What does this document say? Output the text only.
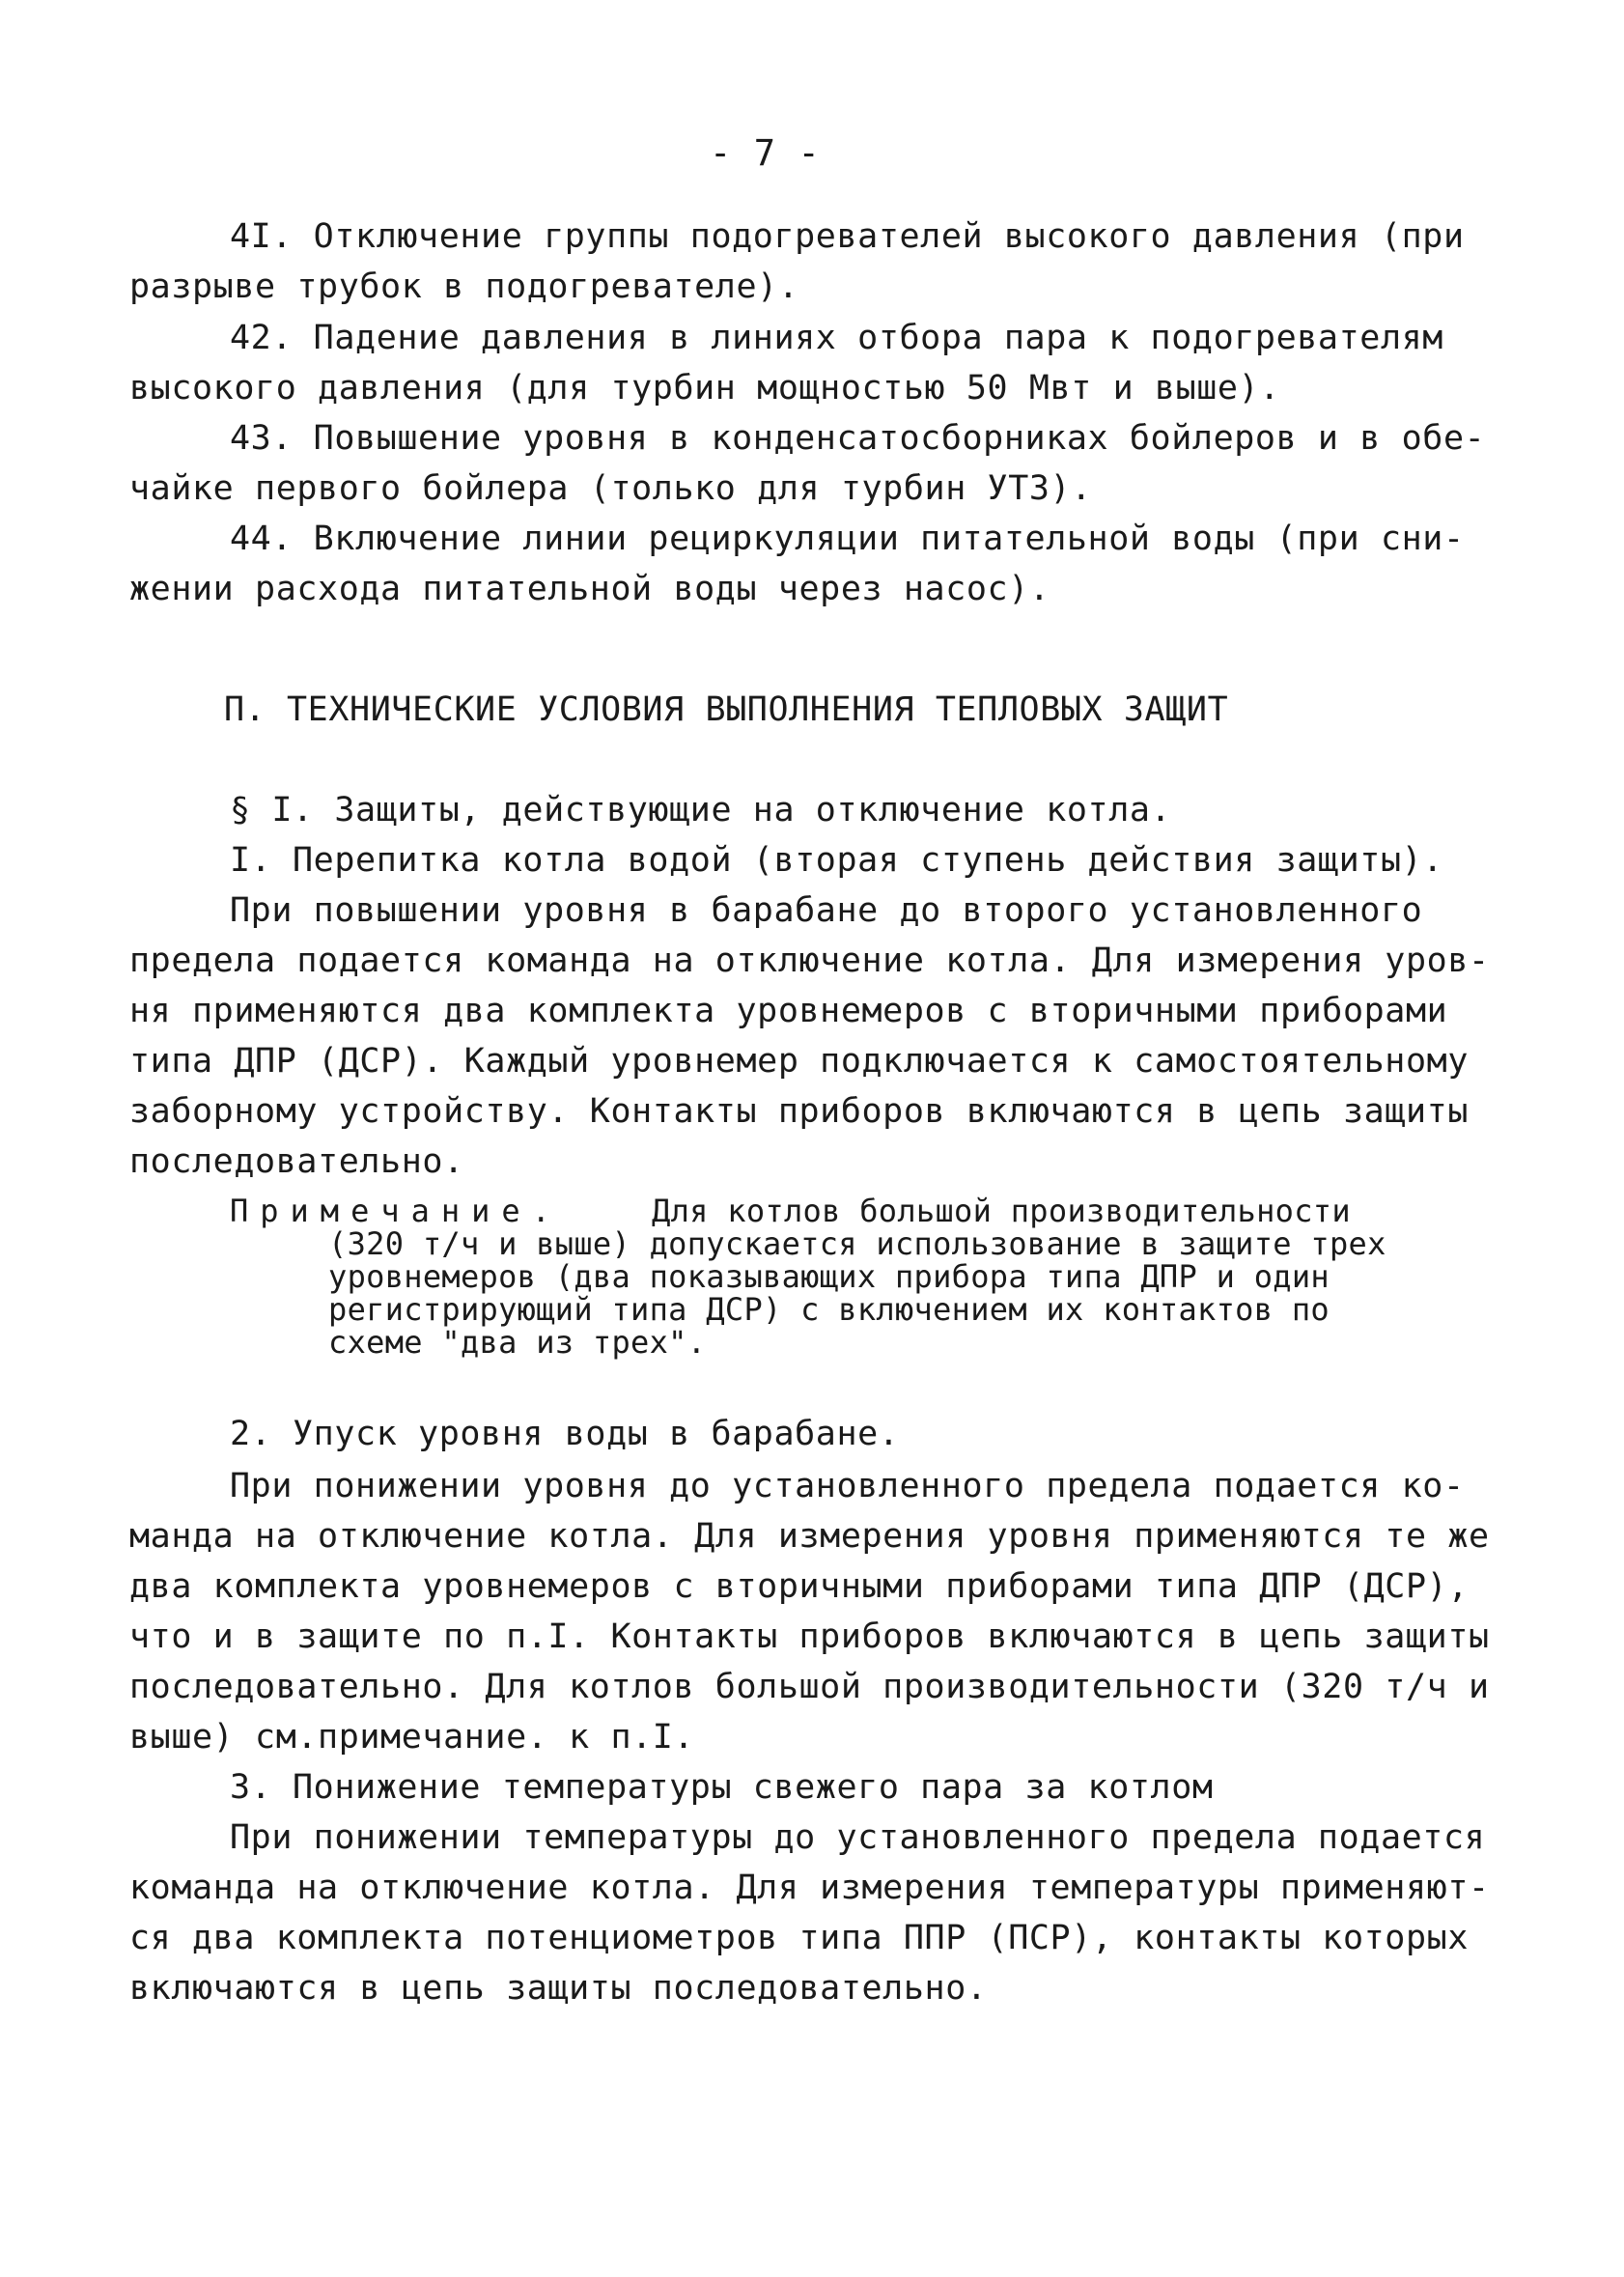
- 7 -
4I. Отключение группы подогревателей высокого давления (при
разрыве трубок в подогревателе).
42. Падение давления в линиях отбора пара к подогревателям
высокого давления (для турбин мощностью 50 Мвт и выше).
43. Повышение уровня в конденсатосборниках бойлеров и в обе-
чайке первого бойлера (только для турбин УТЗ).
44. Включение линии рециркуляции питательной воды (при сни-
жении расхода питательной воды через насос).
П. ТЕХНИЧЕСКИЕ УСЛОВИЯ ВЫПОЛНЕНИЯ ТЕПЛОВЫХ ЗАЩИТ
§ I. Защиты, действующие на отключение котла.
I. Перепитка котла водой (вторая ступень действия защиты).
При повышении уровня в барабане до второго установленного
предела подается команда на отключение котла. Для измерения уров-
ня применяются два комплекта уровнемеров с вторичными приборами
типа ДПР (ДСР). Каждый уровнемер подключается к самостоятельному
заборному устройству. Контакты приборов включаются в цепь защиты
последовательно.
Примечание.	Для котлов большой производительности
(320 т/ч и выше) допускается использование в защите трех
уровнемеров (два показывающих прибора типа ДПР и один
регистрирующий типа ДСР) с включением их контактов по
схеме "два из трех".
2. Упуск уровня воды в барабане.
При понижении уровня до установленного предела подается ко-
манда на отключение котла. Для измерения уровня применяются те же
два комплекта уровнемеров с вторичными приборами типа ДПР (ДСР),
что и в защите по п.I. Контакты приборов включаются в цепь защиты
последовательно. Для котлов большой производительности (320 т/ч и
выше) см.примечание. к п.I.
3. Понижение температуры свежего пара за котлом
При понижении температуры до установленного предела подается
команда на отключение котла. Для измерения температуры применяют-
ся два комплекта потенциометров типа ППР (ПСР), контакты которых
включаются в цепь защиты последовательно.
